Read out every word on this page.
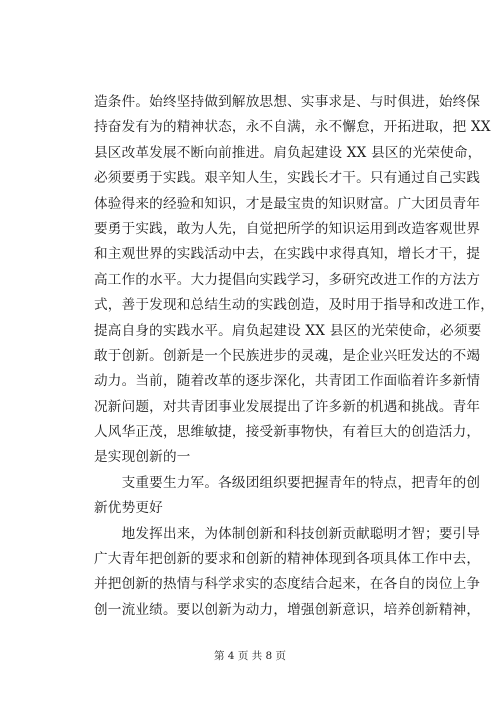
造条件。始终坚持做到解放思想、实事求是、与时俱进，始终保
持奋发有为的精神状态，永不自满，永不懈怠，开拓进取，把 XX
县区改革发展不断向前推进。肩负起建设 XX 县区的光荣使命，
必须要勇于实践。艰辛知人生，实践长才干。只有通过自己实践
体验得来的经验和知识，才是最宝贵的知识财富。广大团员青年
要勇于实践，敢为人先，自觉把所学的知识运用到改造客观世界
和主观世界的实践活动中去，在实践中求得真知，增长才干，提
高工作的水平。大力提倡向实践学习，多研究改进工作的方法方
式，善于发现和总结生动的实践创造，及时用于指导和改进工作，
提高自身的实践水平。肩负起建设 XX 县区的光荣使命，必须要
敢于创新。创新是一个民族进步的灵魂，是企业兴旺发达的不竭
动力。当前，随着改革的逐步深化，共青团工作面临着许多新情
况新问题，对共青团事业发展提出了许多新的机遇和挑战。青年
人风华正茂，思维敏捷，接受新事物快，有着巨大的创造活力，
是实现创新的一
　　支重要生力军。各级团组织要把握青年的特点，把青年的创
新优势更好
　　地发挥出来，为体制创新和科技创新贡献聪明才智；要引导
广大青年把创新的要求和创新的精神体现到各项具体工作中去，
并把创新的热情与科学求实的态度结合起来，在各自的岗位上争
创一流业绩。要以创新为动力，增强创新意识，培养创新精神，
第 4 页 共 8 页
